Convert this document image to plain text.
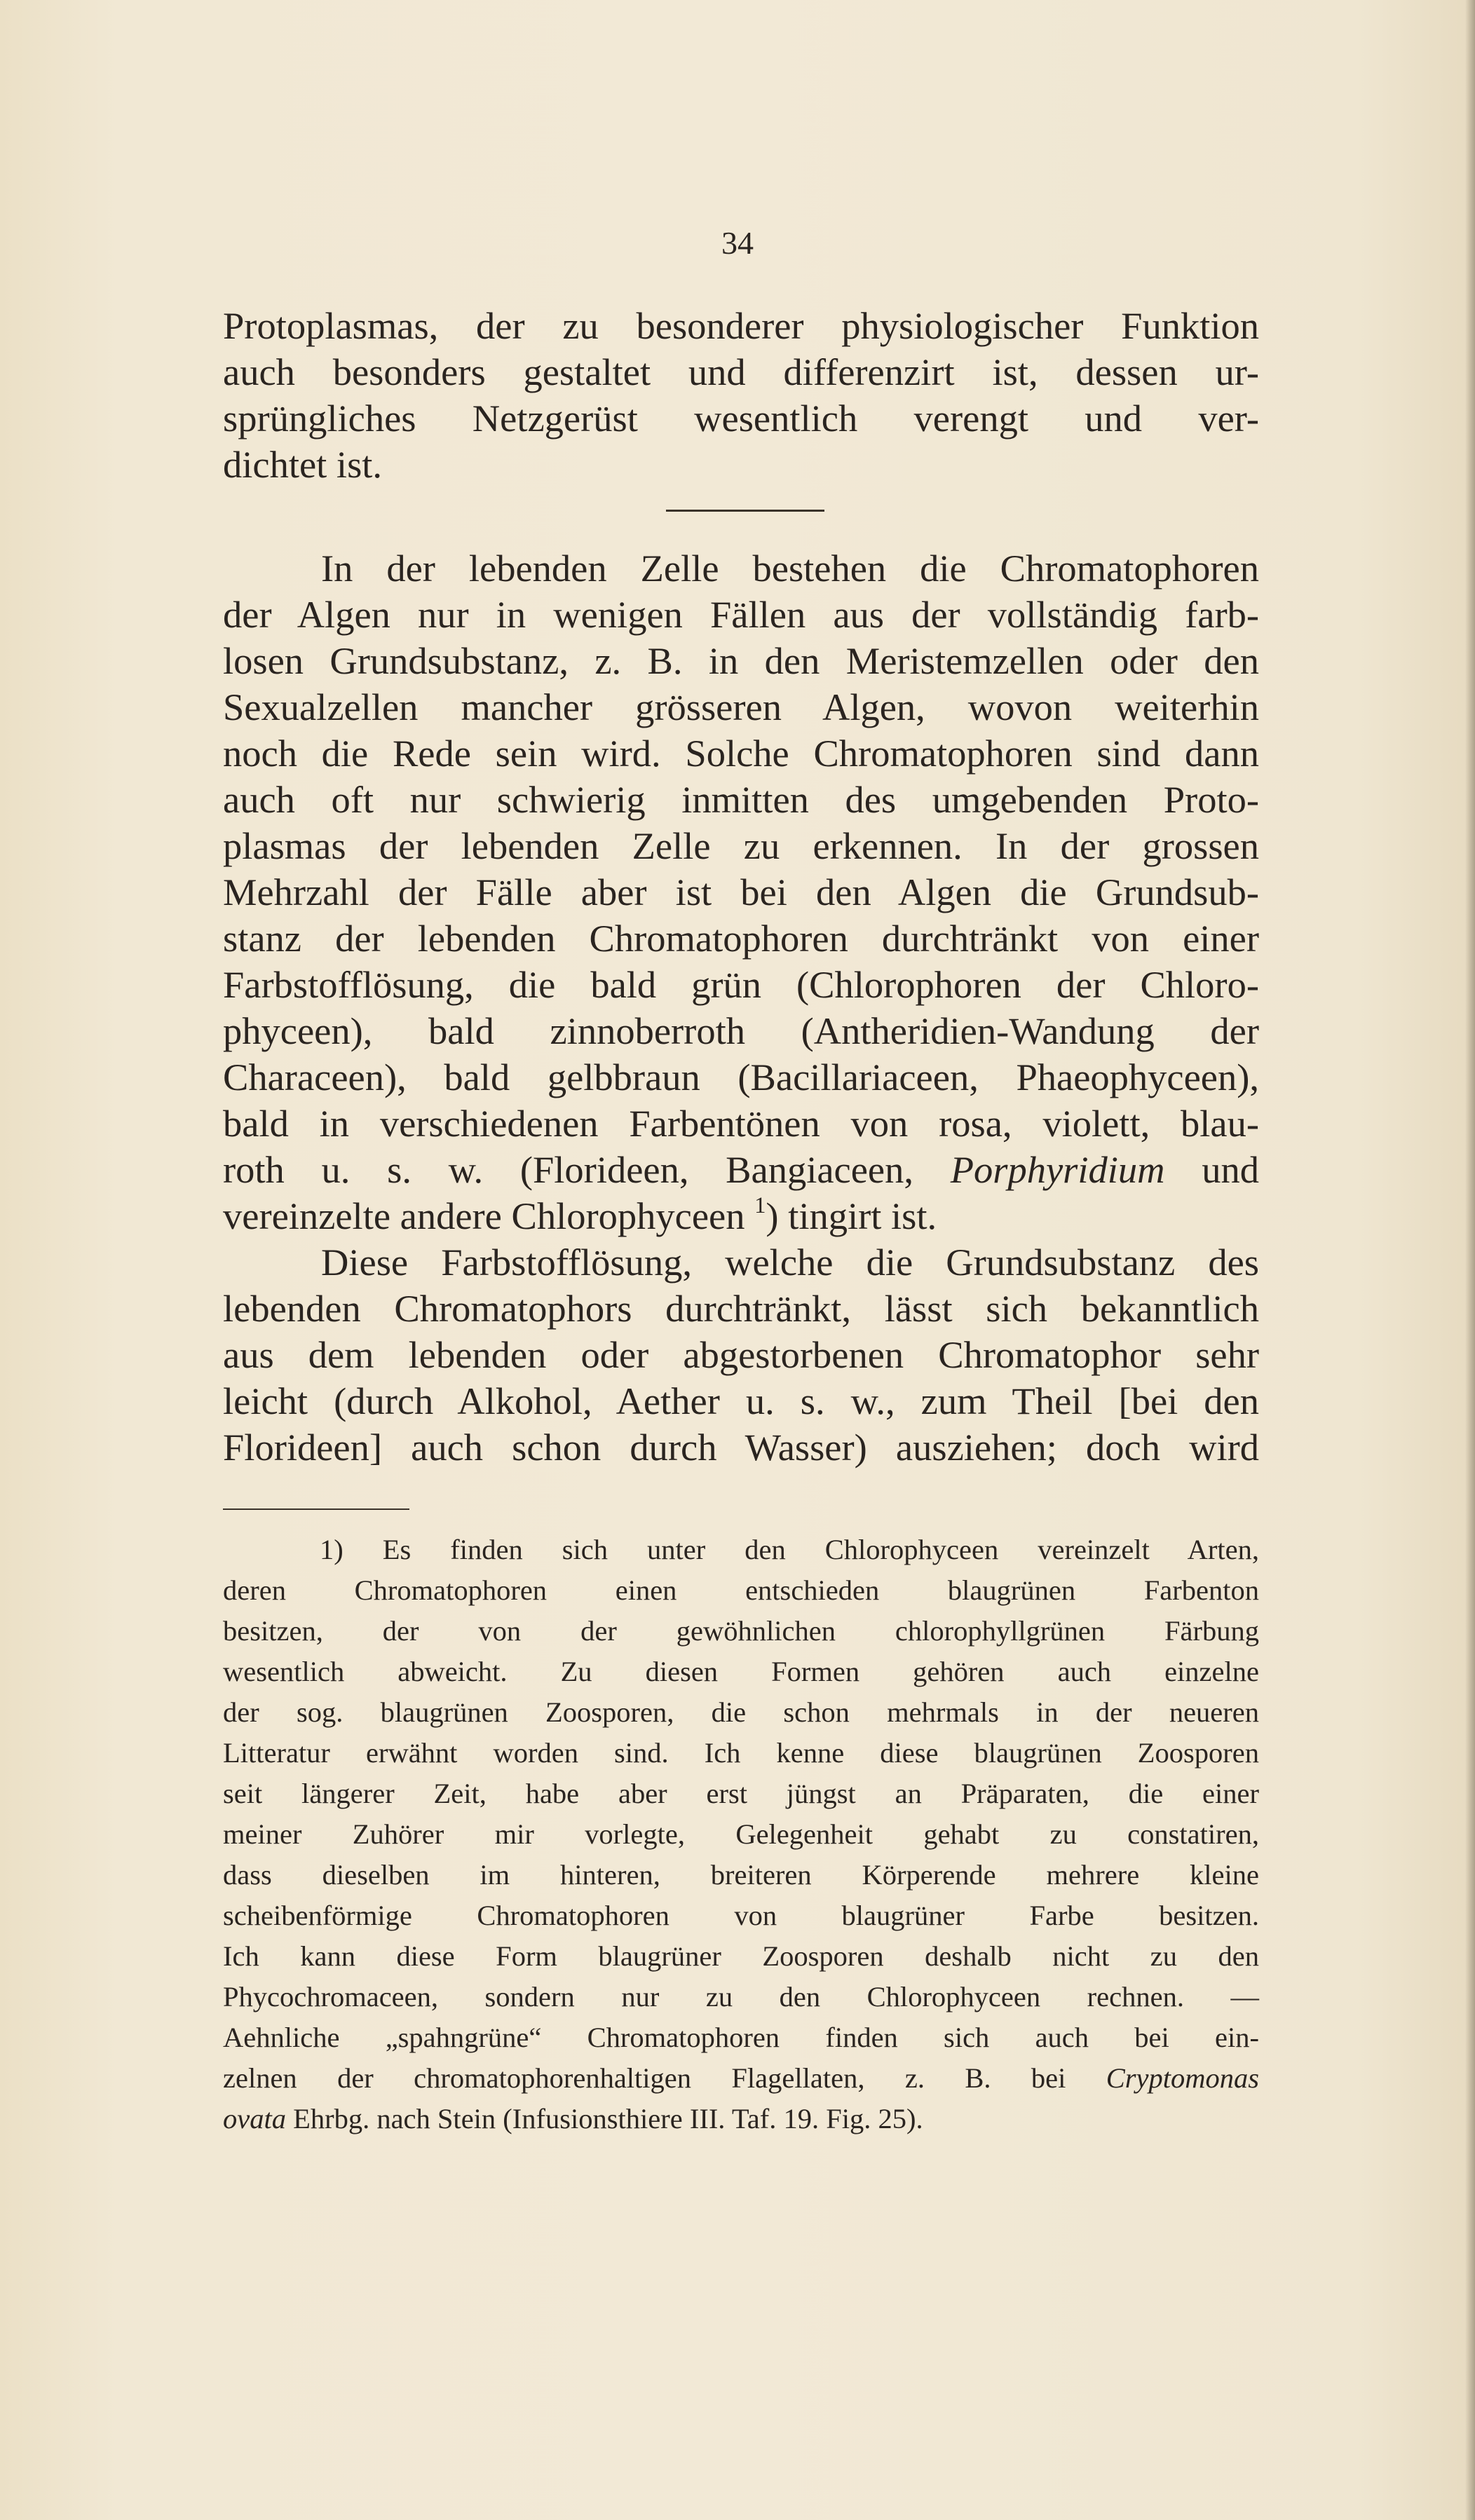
34
Protoplasmas, der zu besonderer physiologischer Funktion
auch besonders gestaltet und differenzirt ist, dessen ur-
sprüngliches Netzgerüst wesentlich verengt und ver-
dichtet ist.
In der lebenden Zelle bestehen die Chromatophoren
der Algen nur in wenigen Fällen aus der vollständig farb-
losen Grundsubstanz, z. B. in den Meristemzellen oder den
Sexualzellen mancher grösseren Algen, wovon weiterhin
noch die Rede sein wird. Solche Chromatophoren sind dann
auch oft nur schwierig inmitten des umgebenden Proto-
plasmas der lebenden Zelle zu erkennen. In der grossen
Mehrzahl der Fälle aber ist bei den Algen die Grundsub-
stanz der lebenden Chromatophoren durchtränkt von einer
Farbstofflösung, die bald grün (Chlorophoren der Chloro-
phyceen), bald zinnoberroth (Antheridien-Wandung der
Characeen), bald gelbbraun (Bacillariaceen, Phaeophyceen),
bald in verschiedenen Farbentönen von rosa, violett, blau-
roth u. s. w. (Florideen, Bangiaceen, Porphyridium und
vereinzelte andere Chlorophyceen $^1$) tingirt ist.
Diese Farbstofflösung, welche die Grundsubstanz des
lebenden Chromatophors durchtränkt, lässt sich bekanntlich
aus dem lebenden oder abgestorbenen Chromatophor sehr
leicht (durch Alkohol, Aether u. s. w., zum Theil [bei den
Florideen] auch schon durch Wasser) ausziehen; doch wird
1) Es finden sich unter den Chlorophyceen vereinzelt Arten,
deren Chromatophoren einen entschieden blaugrünen Farbenton
besitzen, der von der gewöhnlichen chlorophyllgrünen Färbung
wesentlich abweicht. Zu diesen Formen gehören auch einzelne
der sog. blaugrünen Zoosporen, die schon mehrmals in der neueren
Litteratur erwähnt worden sind. Ich kenne diese blaugrünen Zoosporen
seit längerer Zeit, habe aber erst jüngst an Präparaten, die einer
meiner Zuhörer mir vorlegte, Gelegenheit gehabt zu constatiren,
dass dieselben im hinteren, breiteren Körperende mehrere kleine
scheibenförmige Chromatophoren von blaugrüner Farbe besitzen.
Ich kann diese Form blaugrüner Zoosporen deshalb nicht zu den
Phycochromaceen, sondern nur zu den Chlorophyceen rechnen. —
Aehnliche „spahngrüne“ Chromatophoren finden sich auch bei ein-
zelnen der chromatophorenhaltigen Flagellaten, z. B. bei Cryptomonas
ovata Ehrbg. nach Stein (Infusionsthiere III. Taf. 19. Fig. 25).
